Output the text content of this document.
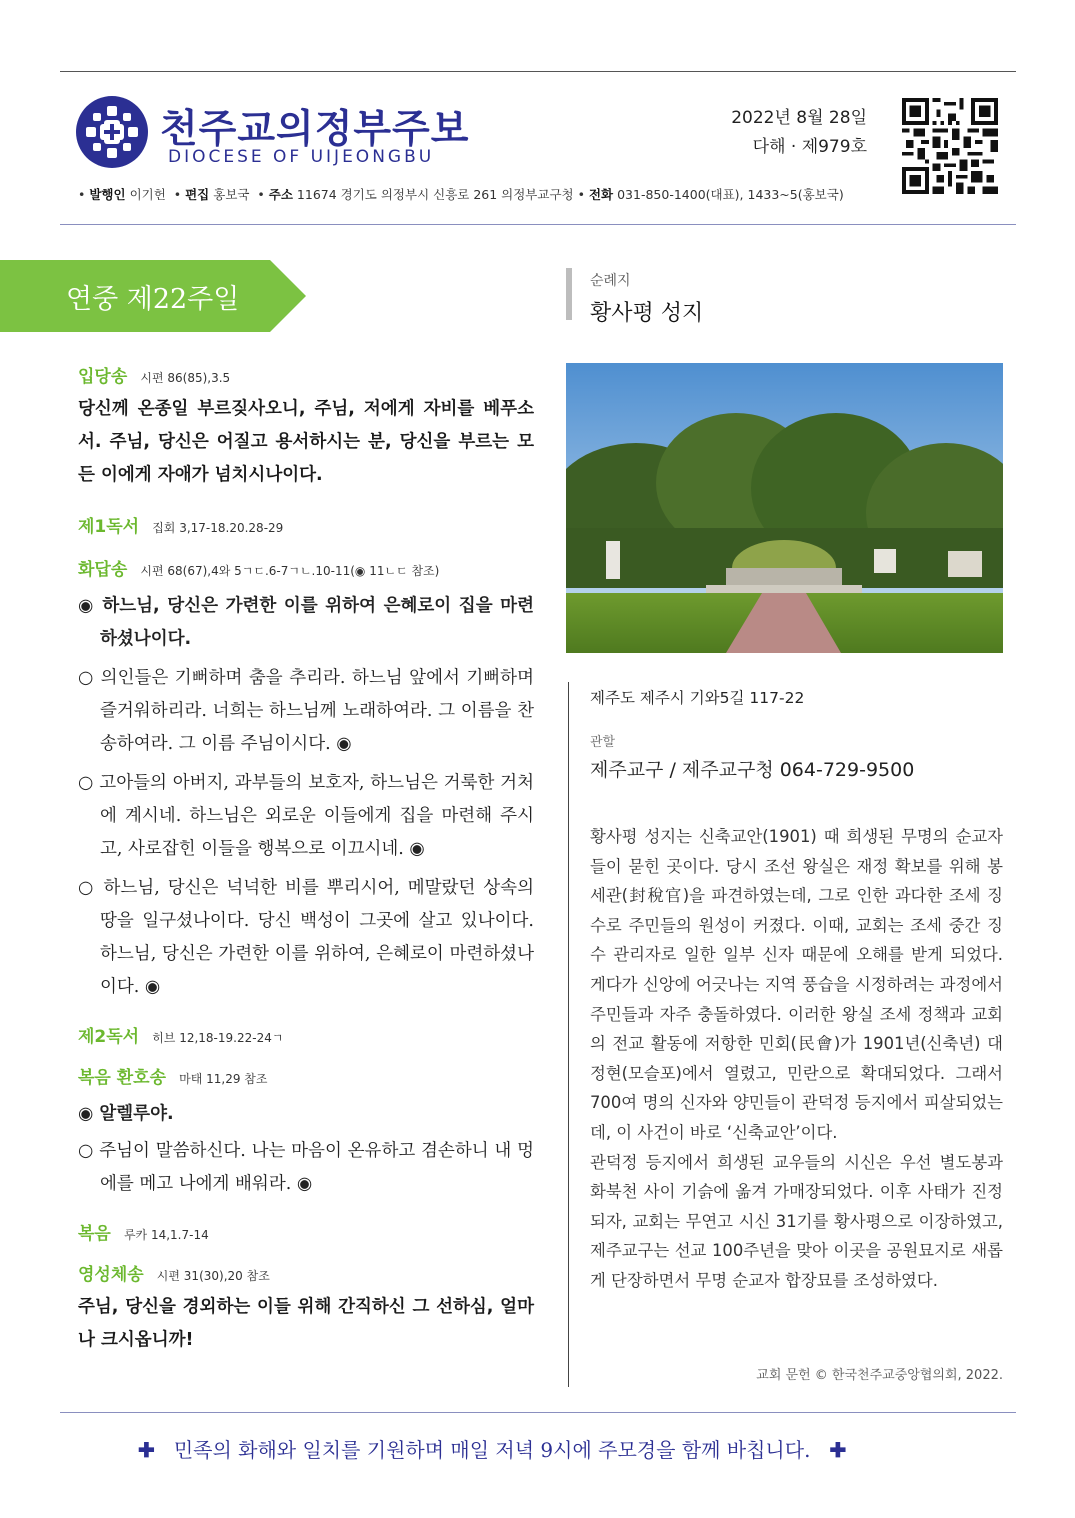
천주교의정부주보
DIOCESE OF UIJEONGBU
2022년 8월 28일
다해 · 제979호
• 발행인 이기헌  • 편집 홍보국  • 주소 11674 경기도 의정부시 신흥로 261 의정부교구청 • 전화 031-850-1400(대표), 1433~5(홍보국)
연중 제22주일
입당송 시편 86(85),3.5
당신께 온종일 부르짖사오니, 주님, 저에게 자비를 베푸소서. 주님, 당신은 어질고 용서하시는 분, 당신을 부르는 모든 이에게 자애가 넘치시나이다.
제1독서 집회 3,17-18.20.28-29
화답송 시편 68(67),4와 5ㄱㄷ.6-7ㄱㄴ.10-11(◉ 11ㄴㄷ 참조)
◉ 하느님, 당신은 가련한 이를 위하여 은혜로이 집을 마련하셨나이다.
○ 의인들은 기뻐하며 춤을 추리라. 하느님 앞에서 기뻐하며 즐거워하리라. 너희는 하느님께 노래하여라. 그 이름을 찬송하여라. 그 이름 주님이시다. ◉
○ 고아들의 아버지, 과부들의 보호자, 하느님은 거룩한 거처에 계시네. 하느님은 외로운 이들에게 집을 마련해 주시고, 사로잡힌 이들을 행복으로 이끄시네. ◉
○ 하느님, 당신은 넉넉한 비를 뿌리시어, 메말랐던 상속의 땅을 일구셨나이다. 당신 백성이 그곳에 살고 있나이다. 하느님, 당신은 가련한 이를 위하여, 은혜로이 마련하셨나이다. ◉
제2독서 히브 12,18-19.22-24ㄱ
복음 환호송 마태 11,29 참조
◉ 알렐루야.
○ 주님이 말씀하신다. 나는 마음이 온유하고 겸손하니 내 멍에를 메고 나에게 배워라. ◉
복음 루카 14,1.7-14
영성체송 시편 31(30),20 참조
주님, 당신을 경외하는 이들 위해 간직하신 그 선하심, 얼마나 크시옵니까!
순례지
황사평 성지
제주도 제주시 기와5길 117-22
관할
제주교구 / 제주교구청 064-729-9500
황사평 성지는 신축교안(1901) 때 희생된 무명의 순교자들이 묻힌 곳이다. 당시 조선 왕실은 재정 확보를 위해 봉세관(封稅官)을 파견하였는데, 그로 인한 과다한 조세 징수로 주민들의 원성이 커졌다. 이때, 교회는 조세 중간 징수 관리자로 일한 일부 신자 때문에 오해를 받게 되었다. 게다가 신앙에 어긋나는 지역 풍습을 시정하려는 과정에서 주민들과 자주 충돌하였다. 이러한 왕실 조세 정책과 교회의 전교 활동에 저항한 민회(民會)가 1901년(신축년) 대정현(모슬포)에서 열렸고, 민란으로 확대되었다. 그래서 700여 명의 신자와 양민들이 관덕정 등지에서 피살되었는데, 이 사건이 바로 ‘신축교안’이다.
관덕정 등지에서 희생된 교우들의 시신은 우선 별도봉과 화북천 사이 기슭에 옮겨 가매장되었다. 이후 사태가 진정되자, 교회는 무연고 시신 31기를 황사평으로 이장하였고, 제주교구는 선교 100주년을 맞아 이곳을 공원묘지로 새롭게 단장하면서 무명 순교자 합장묘를 조성하였다.
교회 문헌 © 한국천주교중앙협의회, 2022.
✚ 민족의 화해와 일치를 기원하며 매일 저녁 9시에 주모경을 함께 바칩니다. ✚
